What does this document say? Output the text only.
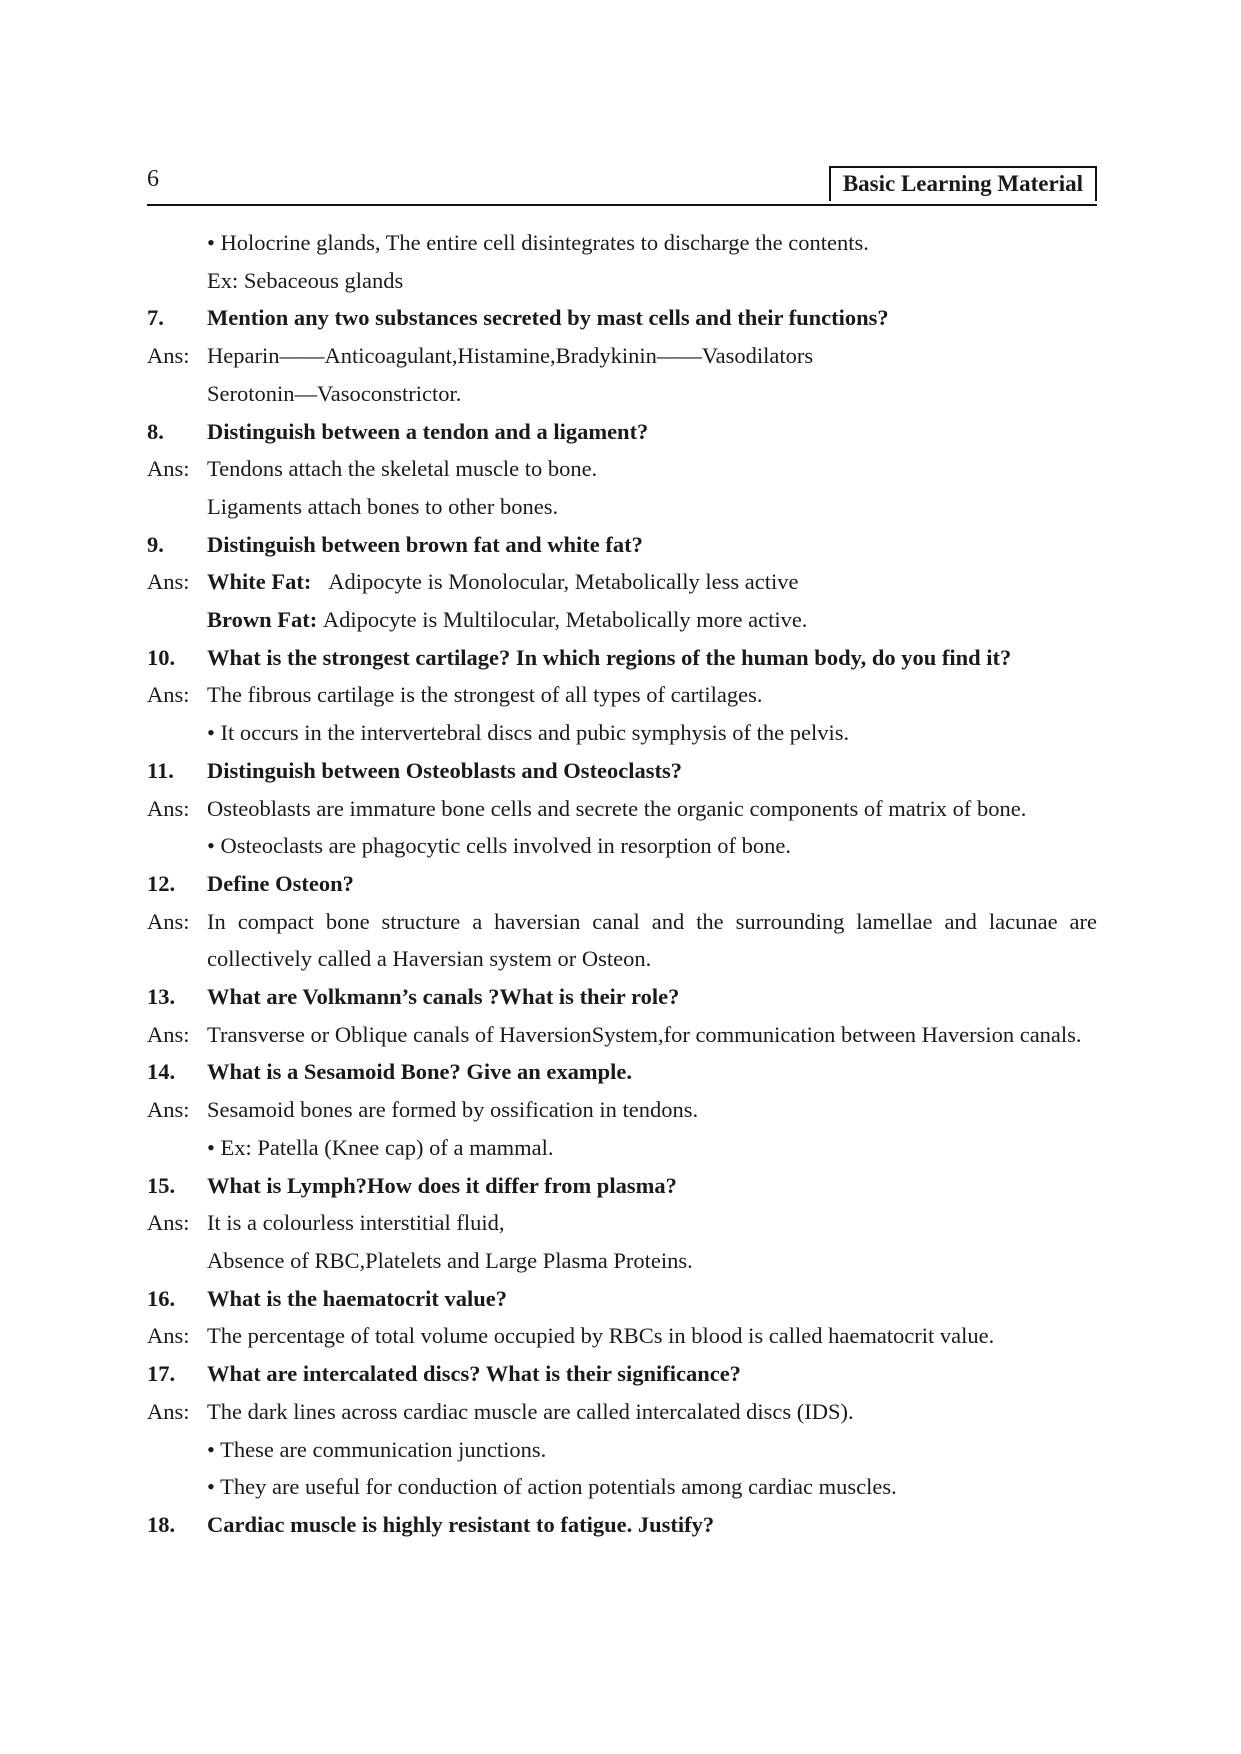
6	Basic Learning Material
• Holocrine glands, The entire cell disintegrates to discharge the contents.
Ex: Sebaceous glands
7. Mention any two substances secreted by mast cells and their functions?
Ans: Heparin——Anticoagulant,Histamine,Bradykinin——Vasodilators
Serotonin—Vasoconstrictor.
8. Distinguish between a tendon and a ligament?
Ans: Tendons attach the skeletal muscle to bone.
Ligaments attach bones to other bones.
9. Distinguish between brown fat and white fat?
Ans: White Fat: Adipocyte is Monolocular, Metabolically less active
Brown Fat: Adipocyte is Multilocular, Metabolically more active.
10. What is the strongest cartilage? In which regions of the human body, do you find it?
Ans: The fibrous cartilage is the strongest of all types of cartilages.
• It occurs in the intervertebral discs and pubic symphysis of the pelvis.
11. Distinguish between Osteoblasts and Osteoclasts?
Ans: Osteoblasts are immature bone cells and secrete the organic components of matrix of bone.
• Osteoclasts are phagocytic cells involved in resorption of bone.
12. Define Osteon?
Ans: In compact bone structure a haversian canal and the surrounding lamellae and lacunae are collectively called a Haversian system or Osteon.
13. What are Volkmann’s canals ?What is their role?
Ans: Transverse or Oblique canals of HaversionSystem,for communication between Haversion canals.
14. What is a Sesamoid Bone? Give an example.
Ans: Sesamoid bones are formed by ossification in tendons.
• Ex: Patella (Knee cap) of a mammal.
15. What is Lymph?How does it differ from plasma?
Ans: It is a colourless interstitial fluid,
Absence of RBC,Platelets and Large Plasma Proteins.
16. What is the haematocrit value?
Ans: The percentage of total volume occupied by RBCs in blood is called haematocrit value.
17. What are intercalated discs? What is their significance?
Ans: The dark lines across cardiac muscle are called intercalated discs (IDS).
• These are communication junctions.
• They are useful for conduction of action potentials among cardiac muscles.
18. Cardiac muscle is highly resistant to fatigue. Justify?
